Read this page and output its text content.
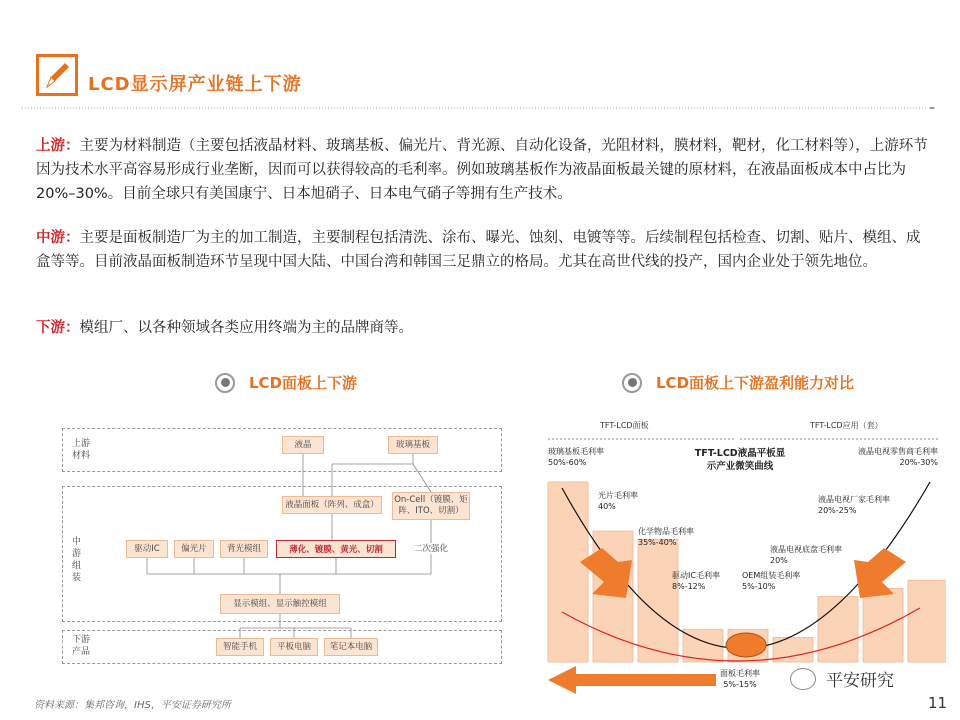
LCD显示屏产业链上下游
上游：主要为材料制造（主要包括液晶材料、玻璃基板、偏光片、背光源、自动化设备，光阻材料，膜材料，靶材，化工材料等），上游环节因为技术水平高容易形成行业垄断，因而可以获得较高的毛利率。例如玻璃基板作为液晶面板最关键的原材料，在液晶面板成本中占比为20%–30%。目前全球只有美国康宁、日本旭硝子、日本电气硝子等拥有生产技术。
中游：主要是面板制造厂为主的加工制造，主要制程包括清洗、涂布、曝光、蚀刻、电镀等等。后续制程包括检查、切割、贴片、模组、成盒等等。目前液晶面板制造环节呈现中国大陆、中国台湾和韩国三足鼎立的格局。尤其在高世代线的投产，国内企业处于领先地位。
下游：模组厂、以各种领域各类应用终端为主的品牌商等。
LCD面板上下游	LCD面板上下游盈利能力对比
上游
材料
中
游
组
装
下游
产品
液晶	玻璃基板
液晶面板（阵列、成盒）	On-Cell（镀膜、矩阵、ITO、切割）
驱动IC	偏光片	背光模组	薄化、镀膜、黄光、切割	二次强化
显示模组、显示触控模组
智能手机	平板电脑	笔记本电脑
TFT-LCD面板	TFT-LCD应用（套）
TFT-LCD液晶平板显
示产业微笑曲线
玻璃基板毛利率
50%-60%
光片毛利率
40%
化学物品毛利率
35%-40%
驱动IC毛利率
8%-12%
面板毛利率
5%-15%
OEM组装毛利率
5%-10%
液晶电视底盘毛利率
20%
液晶电视厂家毛利率
20%-25%
液晶电视零售商毛利率
20%-30%
资料来源：集邦咨询，IHS，平安证券研究所
平安研究
11
